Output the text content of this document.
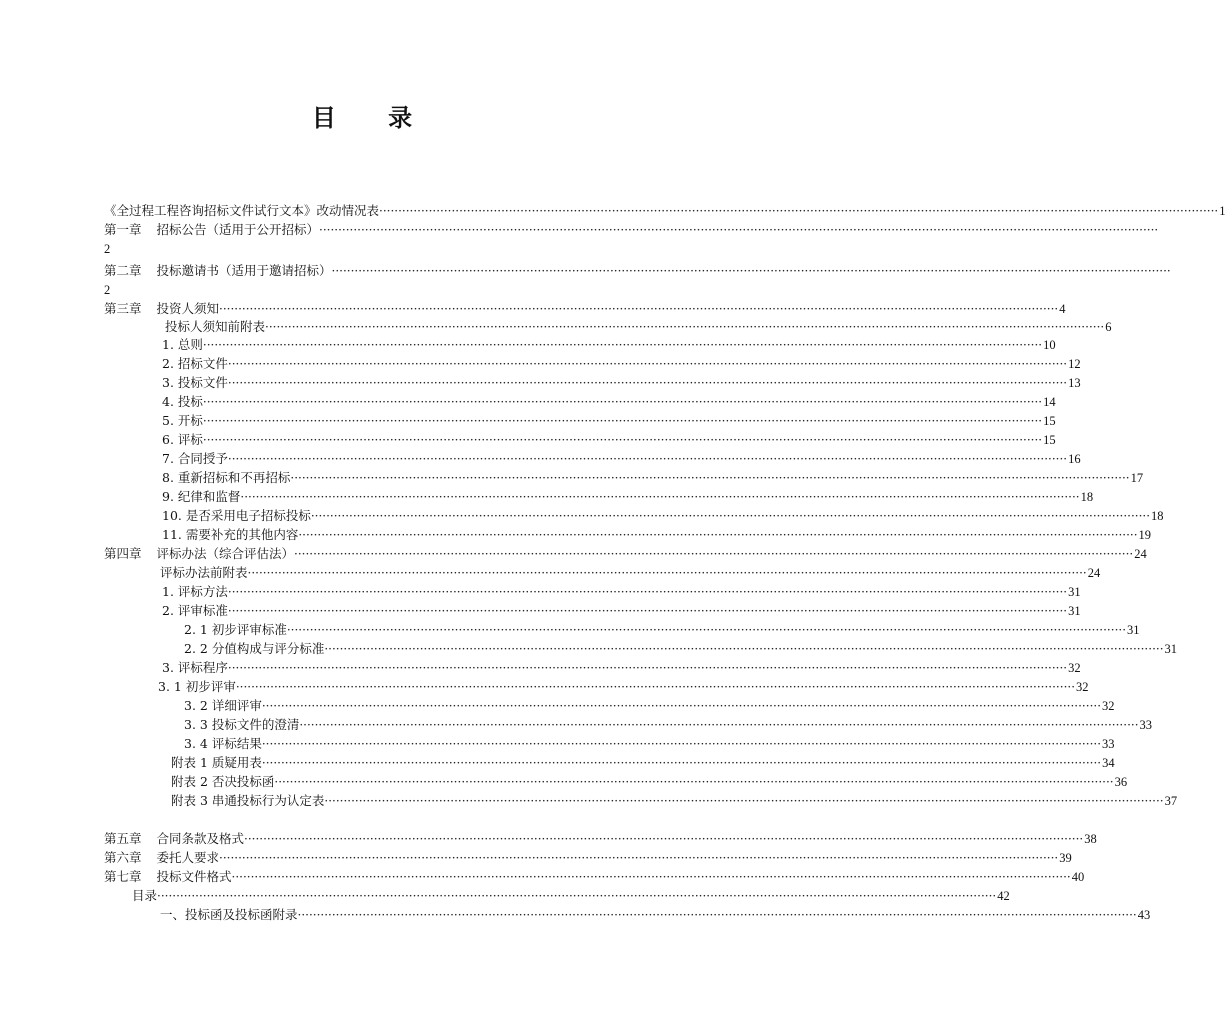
目 录
《全过程工程咨询招标文件试行文本》改动情况表 ···························································································································································································································· 1
2
第一章 招标公告（适用于公开招标） ····························································································································································································································
2
第二章 投标邀请书（适用于邀请招标） ····························································································································································································································
第三章 投资人须知 ···························································································································································································································· 4
投标人须知前附表 ···························································································································································································································· 6
1. 总则 ···························································································································································································································· 10
2. 招标文件 ···························································································································································································································· 12
3. 投标文件 ···························································································································································································································· 13
4. 投标 ···························································································································································································································· 14
5. 开标 ···························································································································································································································· 15
6. 评标 ···························································································································································································································· 15
7. 合同授予 ···························································································································································································································· 16
8. 重新招标和不再招标 ···························································································································································································································· 17
9. 纪律和监督 ···························································································································································································································· 18
10. 是否采用电子招标投标 ···························································································································································································································· 18
11. 需要补充的其他内容 ···························································································································································································································· 19
第四章 评标办法（综合评估法） ···························································································································································································································· 24
评标办法前附表 ···························································································································································································································· 24
1. 评标方法 ···························································································································································································································· 31
2. 评审标准 ···························································································································································································································· 31
2. 1 初步评审标准 ···························································································································································································································· 31
2. 2 分值构成与评分标准 ···························································································································································································································· 31
3. 评标程序 ···························································································································································································································· 32
3. 1 初步评审 ···························································································································································································································· 32
3. 2 详细评审 ···························································································································································································································· 32
3. 3 投标文件的澄清 ···························································································································································································································· 33
3. 4 评标结果 ···························································································································································································································· 33
附表 1 质疑用表 ···························································································································································································································· 34
附表 2 否决投标函 ···························································································································································································································· 36
附表 3 串通投标行为认定表 ···························································································································································································································· 37
第五章 合同条款及格式 ···························································································································································································································· 38
第六章 委托人要求 ···························································································································································································································· 39
第七章 投标文件格式 ···························································································································································································································· 40
目录 ···························································································································································································································· 42
一、投标函及投标函附录 ···························································································································································································································· 43
